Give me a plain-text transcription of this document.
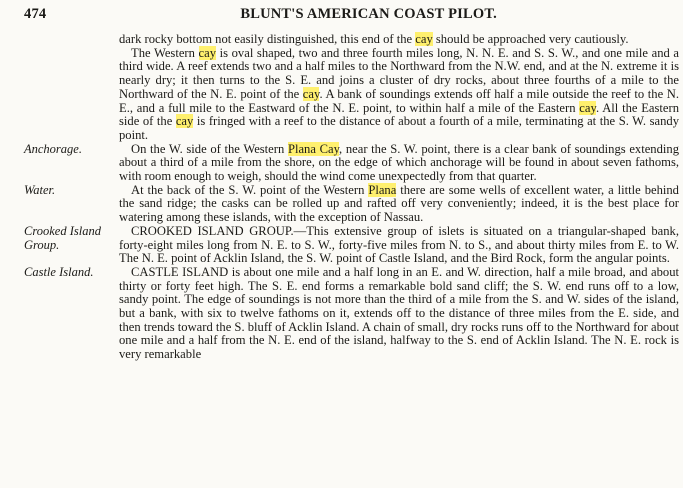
474	BLUNT'S AMERICAN COAST PILOT.
dark rocky bottom not easily distinguished, this end of the cay should be approached very cautiously.
The Western cay is oval shaped, two and three fourth miles long, N. N. E. and S. S. W., and one mile and a third wide. A reef extends two and a half miles to the Northward from the N.W. end, and at the N. extreme it is nearly dry; it then turns to the S. E. and joins a cluster of dry rocks, about three fourths of a mile to the Northward of the N. E. point of the cay. A bank of soundings extends off half a mile outside the reef to the N. E., and a full mile to the Eastward of the N. E. point, to within half a mile of the Eastern cay. All the Eastern side of the cay is fringed with a reef to the distance of about a fourth of a mile, terminating at the S. W. sandy point.
Anchorage.	On the W. side of the Western Plana Cay, near the S. W. point, there is a clear bank of soundings extending about a third of a mile from the shore, on the edge of which anchorage will be found in about seven fathoms, with room enough to weigh, should the wind come unexpectedly from that quarter.
Water.	At the back of the S. W. point of the Western Plana there are some wells of excellent water, a little behind the sand ridge; the casks can be rolled up and rafted off very conveniently; indeed, it is the best place for watering among these islands, with the exception of Nassau.
Crooked Island Group.
CROOKED ISLAND GROUP.—This extensive group of islets is situated on a triangular-shaped bank, forty-eight miles long from N. E. to S. W., forty-five miles from N. to S., and about thirty miles from E. to W. The N. E. point of Acklin Island, the S. W. point of Castle Island, and the Bird Rock, form the angular points.
Castle Island.	CASTLE ISLAND is about one mile and a half long in an E. and W. direction, half a mile broad, and about thirty or forty feet high. The S. E. end forms a remarkable bold sand cliff; the S. W. end runs off to a low, sandy point. The edge of soundings is not more than the third of a mile from the S. and W. sides of the island, but a bank, with six to twelve fathoms on it, extends off to the distance of three miles from the E. side, and then trends toward the S. bluff of Acklin Island. A chain of small, dry rocks runs off to the Northward for about one mile and a half from the N. E. end of the island, halfway to the S. end of Acklin Island. The N. E. rock is very remarkable
